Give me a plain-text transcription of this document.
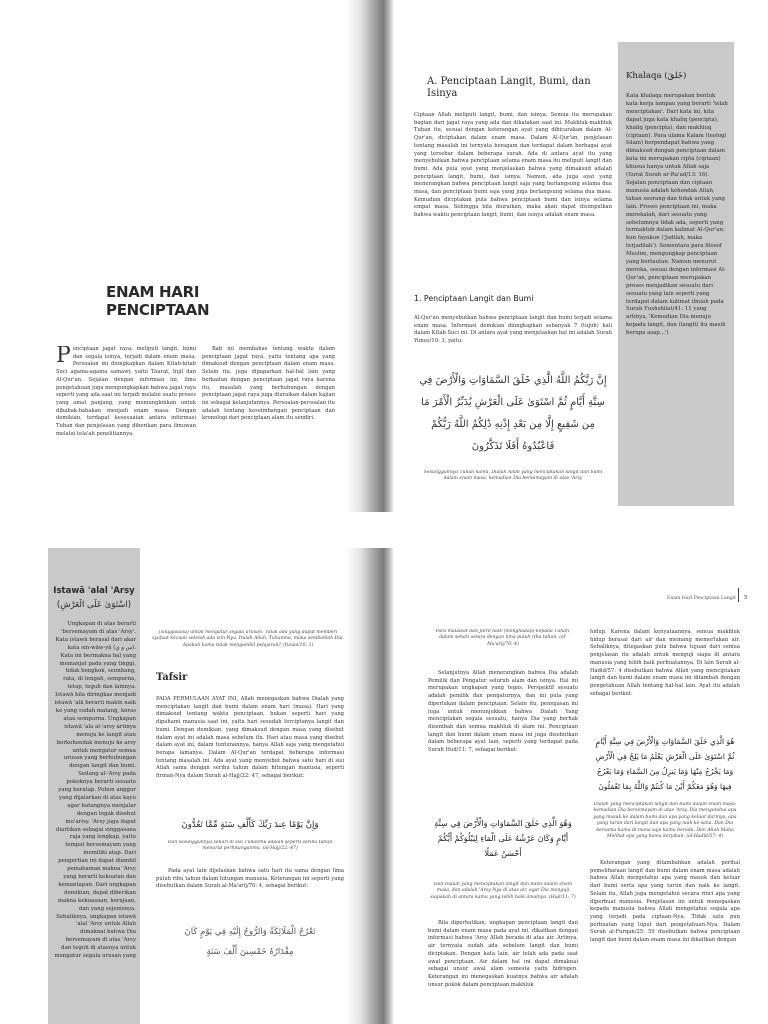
ENAM HARI PENCIPTAAN

Penciptaan jagat raya, meliputi langit, bumi dan segala isinya, terjadi dalam enam masa. Persoalan ini diungkapkan dalam Kitab-kitab Suci agama-agama samawi, yaitu Taurat, Injil dan Al-Qur'an. Sejalan dengan informasi ini, ilmu pengetahuan juga mengungkapkan bahwa jagat raya seperti yang ada saat ini terjadi melalui suatu proses yang amat panjang, yang memungkinkan untuk dibabak-babakan menjadi enam masa. Dengan demikian, terdapat kesesuaian antara informasi Tuhan dan penjelasan yang diberikan para ilmuwan melalui tela'ah penelitiannya.

Bab ini membahas tentang waktu dalam penciptaan jagat raya, yaitu tentang apa yang dimaksud dengan penciptaan dalam enam masa. Selain itu, juga dipaparkan hal-hal lain yang berkaitan dengan penciptaan jagat raya karena itu, masalah yang berhubungan dengan penciptaan jagat raya juga diuraikan dalam kajian ini sebagai kelanjutannya. Persoalan-persoalan itu adalah tentang keseimbangan penciptaan dan kronologi dari penciptaan alam itu sendiri.

A. Penciptaan Langit, Bumi, dan Isinya

Ciptaan Allah meliputi langit, bumi, dan isinya. Semua itu merupakan bagian dari jagat raya yang ada dan dikatakan saat ini. Makhluk-makhluk Tuhan itu, sesuai dengan keterangan ayat yang dibicarakan dalam Al-Qur'an, diciptakan dalam enam masa. Dalam Al-Qur'an, penjelasan tentang masalah ini ternyata beragam dan terdapat dalam berbagai ayat yang tersebar dalam beberapa surah. Ada di antara ayat itu yang menyebutkan bahwa penciptaan selama enam masa itu meliputi langit dan bumi. Ada pula ayat yang menjelaskan bahwa yang dimaksud adalah penciptaan langit, bumi, dan isinya. Namun, ada juga ayat yang menerangkan bahwa penciptaan langit saja yang berlangsung selama dua masa, dan penciptaan bumi saja yang juga berlangsung selama dua masa. Kemudian diciptakan pula bahwa penciptaan bumi dan isinya selama empat masa. Sehingga bila diuraikan, maka akan dapat disimpulkan bahwa waktu penciptaan langit, bumi, dan isinya adalah enam masa.

1. Penciptaan Langit dan Bumi

Al-Qur'an menyebutkan bahwa penciptaan langit dan bumi terjadi selama enam masa. Informasi demikian diungkapkan sebanyak 7 (tujuh) kali dalam Kitab Suci ini. Di antara ayat yang menjelaskan hal ini adalah Surah Yunus/10: 3, yaitu:

إِنَّ رَبَّكُمُ اللَّهُ الَّذِي خَلَقَ السَّمَاوَاتِ وَالْأَرْضَ فِي سِتَّةِ أَيَّامٍ ثُمَّ اسْتَوَىٰ عَلَى الْعَرْشِ يُدَبِّرُ الْأَمْرَ مَا مِن شَفِيعٍ إِلَّا مِن بَعْدِ إِذْنِهِ ذَٰلِكُمُ اللَّهُ رَبُّكُمْ فَاعْبُدُوهُ أَفَلَا تَذَكَّرُونَ

Sesungguhnya Tuhan kamu, Dialah Allah yang menciptakan langit dan bumi dalam enam masa, kemudian Dia bersemayam di atas 'Arsy

Khalaqa (خَلَقَ)

Kata khalaqa merupakan bentuk kata kerja lampau yang berarti 'telah menciptakan'. Dari kata ini, kita dapat juga kata khaliq (pencipta), khaliq (pencipta), dan makhluq (ciptaan). Para ulama Kalam (teologi Islam) berpendapat bahwa yang dimaksud dengan penciptaan dalam kata ini merupakan cipta (ciptaan) khusus hanya untuk Allah saja (Surat Surah ar-Ra'ad/13: 16). Sejalan penciptaan dan ciptaan manusia adalah kehendak Allah, tahan seorang dan tidak untuk yang lain. Proses penciptaan ini, maka merekalah, dari sesuatu yang sebelumnya tidak ada, seperti yang termaktub dalam kalimat Al-Qur'an: kun fayakun ('Jadilah, maka terjadilah'). Sementara para filosof Muslim, mengungkap penciptaan yang bertautan. Namun menurut mereka, sesuai dengan informasi Al-Qur'an, penciptaan merupakan proses menjadikan sesuatu dari sesuatu yang lain seperti yang terdapat dalam kalimat ilmiah pada Surah Fushshilat/41: 11 yang artinya, 'Kemudian Dia menuju kepada langit, dan (langit) itu masih berupa asap...')

Istawā 'alal 'Arsy

(اسْتَوَىٰ عَلَى الْعَرْشِ)

Ungkapan di atas berarti 'bersemayam di atas 'Arsy'. Kata istawā berasal dari akar kata sin-wāw-yā (س و ي). Kata ini bermakna hal yang memanjat pada yang tinggi, tidak bengkok, seimbang, rata, di tengah, sempurna, tetap, teguh dan lainnya. Istawā bila diringkas menjadi istawā 'alā berarti makin naik ke yang sudah matang, keras atau sempurna. Ungkapan istawā 'ala al-'arsy artinya menuju ke langit atau berkehendak menuju ke arsy untuk mengatur semua urusan yang berhubungan dengan langit dan bumi. Sedang al-'Arsy pada pokoknya berarti sesuatu yang beratap. Pohon anggur yang dijalarkan di atas kayu agar batangnya menjalar dengan tegak disebut mu'arisy. 'Arsy juga dapat diartikan sebagai singgasana raja yang lengkap, yaitu tempat bersemayam yang memiliki atap. Dari pengertian ini dapat diambil pemahaman makna 'Arsy yang berarti kekuatan dan kemantapan. Dari ungkapan demikian, dapat diberikan makna kekuasaan, kerajaan, dan yang sejenisnya. Sebaliknya, ungkapan istawā 'alal 'Arsy untuk Allah dimaknai bahwa Dia bersemayam di atas 'Arsy dan teguh di atasnya untuk mengatur segala urusan yang

(singgasana) untuk mengatur segala urusan. Tidak ada yang dapat memberi syafaat kecuali setelah ada izin-Nya. Itulah Allah, Tuhanmu, maka sembahlah Dia. Apakah kamu tidak mengambil pelajaran? (Yunus/10: 3)

Tafsir

PADA PERMULAAN AYAT INI, Allah menegaskan bahwa Dialah yang menciptakan langit dan bumi dalam enam hari (masa). Hari yang dimaksud tentang waktu penciptaan, bukan seperti hari yang dipahami manusia saat ini, yaitu hari sesudah terciptanya langit dan bumi. Dengan demikian, yang dimaksud dengan masa yang disebut dalam ayat ini adalah masa sebelum itu. Hari atau masa yang disebut dalam ayat ini, dalam tuntunannya, hanya Allah saja yang mengetahui berapa lamanya. Dalam Al-Qur'an terdapat beberapa informasi tentang masalah ini. Ada ayat yang menyebut bahwa satu hari di sisi Allah sama dengan seribu tahun dalam hitungan manusia, seperti firman-Nya dalam Surah al-Hajj/22: 47, sebagai berikut:

وَإِنَّ يَوْمًا عِندَ رَبِّكَ كَأَلْفِ سَنَةٍ مِّمَّا تَعُدُّونَ

Dan sesungguhnya sehari di sisi Tuhanmu adalah seperti seribu tahun menurut perhitunganmu. (al-Hajj/22: 47)

Pada ayat lain dijelaskan bahwa satu hari itu sama dengan lima puluh ribu tahun dalam hitungan manusia. Keterangan ini seperti yang disebutkan dalam Surah al-Ma'arij/70: 4, sebagai berikut:

تَعْرُجُ الْمَلَائِكَةُ وَالرُّوحُ إِلَيْهِ فِي يَوْمٍ كَانَ مِقْدَارُهُ خَمْسِينَ أَلْفَ سَنَةٍ

Enam Hari Penciptaan Langit 5

Para malaikat dan Jibril naik (menghadap) kepada Tuhan, dalam sehari setara dengan lima puluh ribu tahun. (al-Ma'arij/70: 4)

Selanjutnya Allah menerangkan bahwa Dia adalah Pemilik dan Pengatur seluruh alam dan isinya. Hal ini merupakan ungkapan yang tegas. Perspektif sesuatu adalah pemilik dan pengaturnya, dan ini pula yang diperlukan dalam penciptaan. Selain itu, penegasan ini juga untuk menunjukkan bahwa Dialah Yang menciptakan segala sesuatu, hanya Dia yang berhak disembah dan semua makhluk di alam ini. Penciptaan langit dan bumi dalam enam masa ini juga disebutkan dalam beberapa ayat lain, seperti yang terdapat pada Surah Hud/11: 7, sebagai berikut:

وَهُوَ الَّذِي خَلَقَ السَّمَاوَاتِ وَالْأَرْضَ فِي سِتَّةِ أَيَّامٍ وَكَانَ عَرْشُهُ عَلَى الْمَاءِ لِيَبْلُوَكُمْ أَيُّكُمْ أَحْسَنُ عَمَلًا

Dan Dialah yang menciptakan langit dan bumi dalam enam masa, dan adalah 'Arsy-Nya di atas air, agar Dia menguji siapakah di antara kamu yang lebih baik amalnya. (Hud/11: 7)

Bila diperhatikan, ungkapan penciptaan langit dan bumi dalam enam masa pada ayat ini, dikaitkan dengan informasi bahwa 'Arsy Allah berada di atas air. Artinya, air ternyata sudah ada sebelum langit dan bumi diciptakan. Dengan kata lain, air telah ada pada saat awal penciptaan. Air dalam hal ini dapat dimaknai sebagai unsur awal alam semesta yaitu hidrogen. Keterangan ini menegaskan kuatnya bahwa air adalah unsur pokok dalam penciptaan makhluk

hidup. Karena dalam kenyataannya, semua makhluk hidup berasal dari air dan memang memerlukan air. Sebaliknya, ditegaskan pula bahwa tujuan dari semua penjelasan itu adalah untuk menguji siapa di antara manusia yang lebih baik perbuatannya. Di lain Surah al-Hadid/57: 4 disebutkan bahwa Allah yang menciptakan langit dan bumi dalam enam masa ini ditambah dengan pengetahuan Allah tentang hal-hal lain. Ayat itu adalah sebagai berikut:

هُوَ الَّذِي خَلَقَ السَّمَاوَاتِ وَالْأَرْضَ فِي سِتَّةِ أَيَّامٍ ثُمَّ اسْتَوَىٰ عَلَى الْعَرْشِ يَعْلَمُ مَا يَلِجُ فِي الْأَرْضِ وَمَا يَخْرُجُ مِنْهَا وَمَا يَنزِلُ مِنَ السَّمَاءِ وَمَا يَعْرُجُ فِيهَا وَهُوَ مَعَكُمْ أَيْنَ مَا كُنتُمْ وَاللَّهُ بِمَا تَعْمَلُونَ

Dialah yang menciptakan langit dan bumi dalam enam masa; kemudian Dia bersemayam di atas 'Arsy. Dia mengetahui apa yang masuk ke dalam bumi dan apa yang keluar darinya, apa yang turun dari langit dan apa yang naik ke sana. Dan Dia bersama kamu di mana saja kamu berada. Dan Allah Maha Melihat apa yang kamu kerjakan. (al-Hadid/57: 4)

Keterangan yang ditambahkan adalah perihal pemeliharaan langit dan bumi dalam enam masa adalah bahwa Allah mengetahui apa yang masuk dan keluar dari bumi serta apa yang turun dan naik ke langit. Selain itu, Allah juga mengetahui secara rinci apa yang diperbuat manusia. Penjelasan ini untuk menegaskan kepada manusia bahwa Allah mengetahui segala apa yang terjadi pada ciptaan-Nya. Tidak satu pun perbuatan yang luput dari pengetahuan-Nya. Dalam Surah al-Furqan/25: 59 disebutkan bahwa penciptaan langit dan bumi dalam enam masa ini dikaitkan dengan
